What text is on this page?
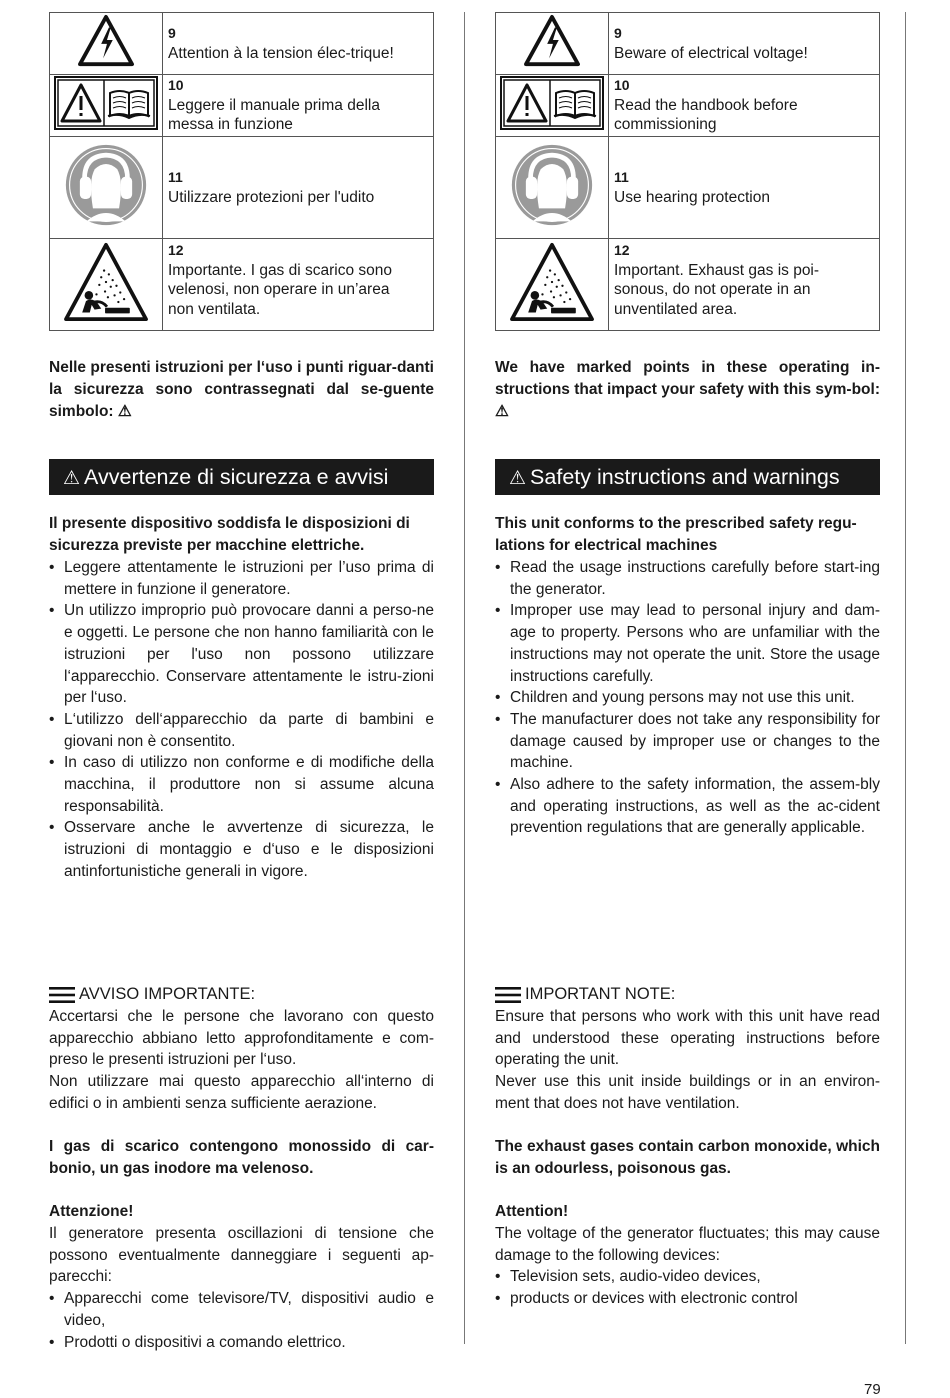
	9Attention à la tension élec-trique!
	10Leggere il manuale prima della messa in funzione
	11Utilizzare protezioni per l'udito
	12Importante. I gas di scarico sono velenosi, non operare in un’area non ventilata.

Nelle presenti istruzioni per l‘uso i punti riguar-danti la sicurezza sono contrassegnati dal se-guente simbolo: ⚠

⚠ Avvertenze di sicurezza e avvisi
Il presente dispositivo soddisfa le disposizioni di sicurezza previste per macchine elettriche.
• Leggere attentamente le istruzioni per l’uso prima di mettere in funzione il generatore.
• Un utilizzo improprio può provocare danni a perso-ne e oggetti. Le persone che non hanno familiarità con le istruzioni per l'uso non possono utilizzare l‘apparecchio. Conservare attentamente le istru-zioni per l‘uso.
• L‘utilizzo dell‘apparecchio da parte di bambini e giovani non è consentito.
• In caso di utilizzo non conforme e di modifiche della macchina, il produttore non si assume alcuna responsabilità.
• Osservare anche le avvertenze di sicurezza, le istruzioni di montaggio e d‘uso e le disposizioni antinfortunistiche generali in vigore.
AVVISO IMPORTANTE:

Accertarsi che le persone che lavorano con questo apparecchio abbiano letto approfonditamente e com-preso le presenti istruzioni per l‘uso.

Non utilizzare mai questo apparecchio all‘interno di edifici o in ambienti senza sufficiente aerazione.

I gas di scarico contengono monossido di car-bonio, un gas inodore ma velenoso.

Attenzione!

Il generatore presenta oscillazioni di tensione che possono eventualmente danneggiare i seguenti ap-parecchi:

• Apparecchi come televisore/TV, dispositivi audio e video,
• Prodotti o dispositivi a comando elettrico.
	9Beware of electrical voltage!
	10Read the handbook before commissioning
	11Use hearing protection
	12Important. Exhaust gas is poi-sonous, do not operate in an unventilated area.

We have marked points in these operating in-structions that impact your safety with this sym-bol: ⚠

⚠ Safety instructions and warnings
This unit conforms to the prescribed safety regu-lations for electrical machines
• Read the usage instructions carefully before start-ing the generator.
• Improper use may lead to personal injury and dam-age to property. Persons who are unfamiliar with the instructions may not operate the unit. Store the usage instructions carefully.
• Children and young persons may not use this unit.
• The manufacturer does not take any responsibility for damage caused by improper use or changes to the machine.
• Also adhere to the safety information, the assem-bly and operating instructions, as well as the ac-cident prevention regulations that are generally applicable.
IMPORTANT NOTE:

Ensure that persons who work with this unit have read and understood these operating instructions before operating the unit.

Never use this unit inside buildings or in an environ-ment that does not have ventilation.

The exhaust gases contain carbon monoxide, which is an odourless, poisonous gas.

Attention!

The voltage of the generator fluctuates; this may cause damage to the following devices:

• Television sets, audio-video devices,
• products or devices with electronic control
79
